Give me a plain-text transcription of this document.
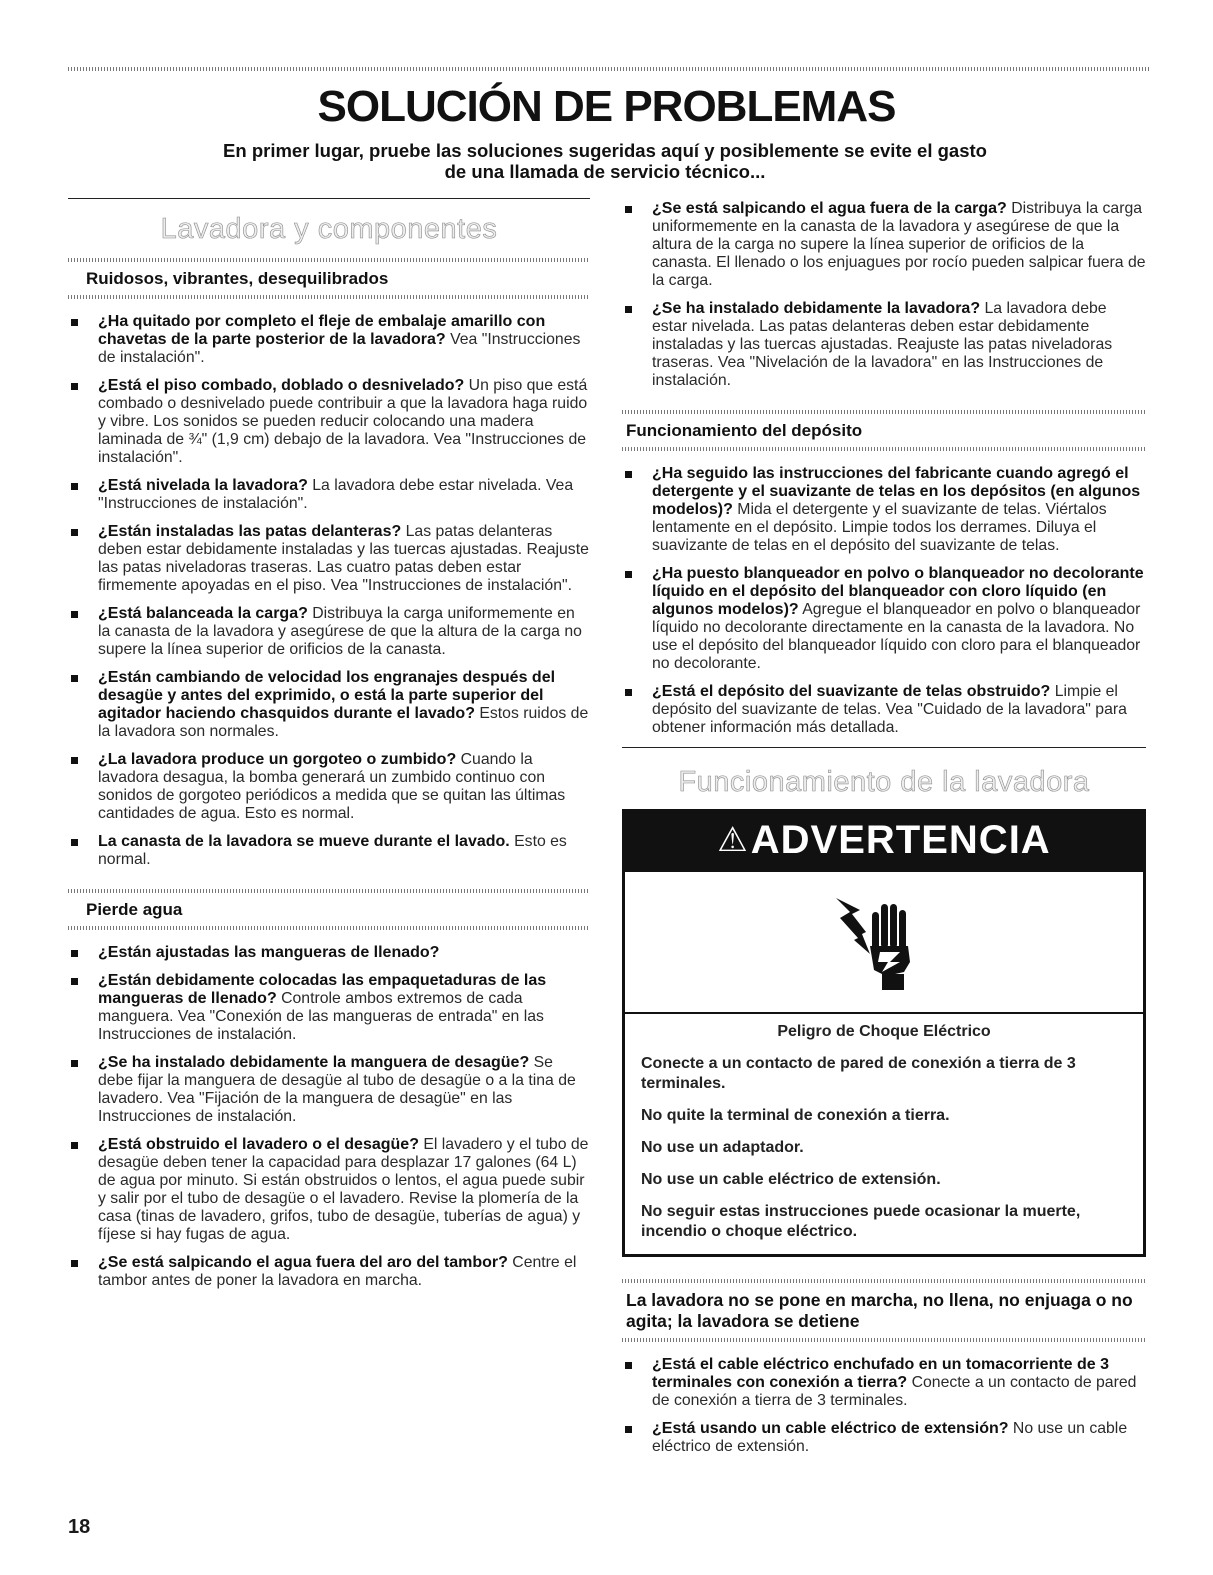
SOLUCIÓN DE PROBLEMAS
En primer lugar, pruebe las soluciones sugeridas aquí y posiblemente se evite el gasto
de una llamada de servicio técnico...
Lavadora y componentes
Ruidosos, vibrantes, desequilibrados
¿Ha quitado por completo el fleje de embalaje amarillo con chavetas de la parte posterior de la lavadora? Vea "Instrucciones de instalación".
¿Está el piso combado, doblado o desnivelado? Un piso que está combado o desnivelado puede contribuir a que la lavadora haga ruido y vibre. Los sonidos se pueden reducir colocando una madera laminada de ¾" (1,9 cm) debajo de la lavadora. Vea "Instrucciones de instalación".
¿Está nivelada la lavadora? La lavadora debe estar nivelada. Vea "Instrucciones de instalación".
¿Están instaladas las patas delanteras? Las patas delanteras deben estar debidamente instaladas y las tuercas ajustadas. Reajuste las patas niveladoras traseras. Las cuatro patas deben estar firmemente apoyadas en el piso. Vea "Instrucciones de instalación".
¿Está balanceada la carga? Distribuya la carga uniformemente en la canasta de la lavadora y asegúrese de que la altura de la carga no supere la línea superior de orificios de la canasta.
¿Están cambiando de velocidad los engranajes después del desagüe y antes del exprimido, o está la parte superior del agitador haciendo chasquidos durante el lavado? Estos ruidos de la lavadora son normales.
¿La lavadora produce un gorgoteo o zumbido? Cuando la lavadora desagua, la bomba generará un zumbido continuo con sonidos de gorgoteo periódicos a medida que se quitan las últimas cantidades de agua. Esto es normal.
La canasta de la lavadora se mueve durante el lavado. Esto es normal.
Pierde agua
¿Están ajustadas las mangueras de llenado?
¿Están debidamente colocadas las empaquetaduras de las mangueras de llenado? Controle ambos extremos de cada manguera. Vea "Conexión de las mangueras de entrada" en las Instrucciones de instalación.
¿Se ha instalado debidamente la manguera de desagüe? Se debe fijar la manguera de desagüe al tubo de desagüe o a la tina de lavadero. Vea "Fijación de la manguera de desagüe" en las Instrucciones de instalación.
¿Está obstruido el lavadero o el desagüe? El lavadero y el tubo de desagüe deben tener la capacidad para desplazar 17 galones (64 L) de agua por minuto. Si están obstruidos o lentos, el agua puede subir y salir por el tubo de desagüe o el lavadero. Revise la plomería de la casa (tinas de lavadero, grifos, tubo de desagüe, tuberías de agua) y fíjese si hay fugas de agua.
¿Se está salpicando el agua fuera del aro del tambor? Centre el tambor antes de poner la lavadora en marcha.
¿Se está salpicando el agua fuera de la carga? Distribuya la carga uniformemente en la canasta de la lavadora y asegúrese de que la altura de la carga no supere la línea superior de orificios de la canasta. El llenado o los enjuagues por rocío pueden salpicar fuera de la carga.
¿Se ha instalado debidamente la lavadora? La lavadora debe estar nivelada. Las patas delanteras deben estar debidamente instaladas y las tuercas ajustadas. Reajuste las patas niveladoras traseras. Vea "Nivelación de la lavadora" en las Instrucciones de instalación.
Funcionamiento del depósito
¿Ha seguido las instrucciones del fabricante cuando agregó el detergente y el suavizante de telas en los depósitos (en algunos modelos)? Mida el detergente y el suavizante de telas. Viértalos lentamente en el depósito. Limpie todos los derrames. Diluya el suavizante de telas en el depósito del suavizante de telas.
¿Ha puesto blanqueador en polvo o blanqueador no decolorante líquido en el depósito del blanqueador con cloro líquido (en algunos modelos)? Agregue el blanqueador en polvo o blanqueador líquido no decolorante directamente en la canasta de la lavadora. No use el depósito del blanqueador líquido con cloro para el blanqueador no decolorante.
¿Está el depósito del suavizante de telas obstruido? Limpie el depósito del suavizante de telas. Vea "Cuidado de la lavadora" para obtener información más detallada.
Funcionamiento de la lavadora
⚠ADVERTENCIA

Peligro de Choque Eléctrico

Conecte a un contacto de pared de conexión a tierra de 3 terminales.

No quite la terminal de conexión a tierra.

No use un adaptador.

No use un cable eléctrico de extensión.

No seguir estas instrucciones puede ocasionar la muerte, incendio o choque eléctrico.

La lavadora no se pone en marcha, no llena, no enjuaga o no agita; la lavadora se detiene
¿Está el cable eléctrico enchufado en un tomacorriente de 3 terminales con conexión a tierra? Conecte a un contacto de pared de conexión a tierra de 3 terminales.
¿Está usando un cable eléctrico de extensión? No use un cable eléctrico de extensión.

18
